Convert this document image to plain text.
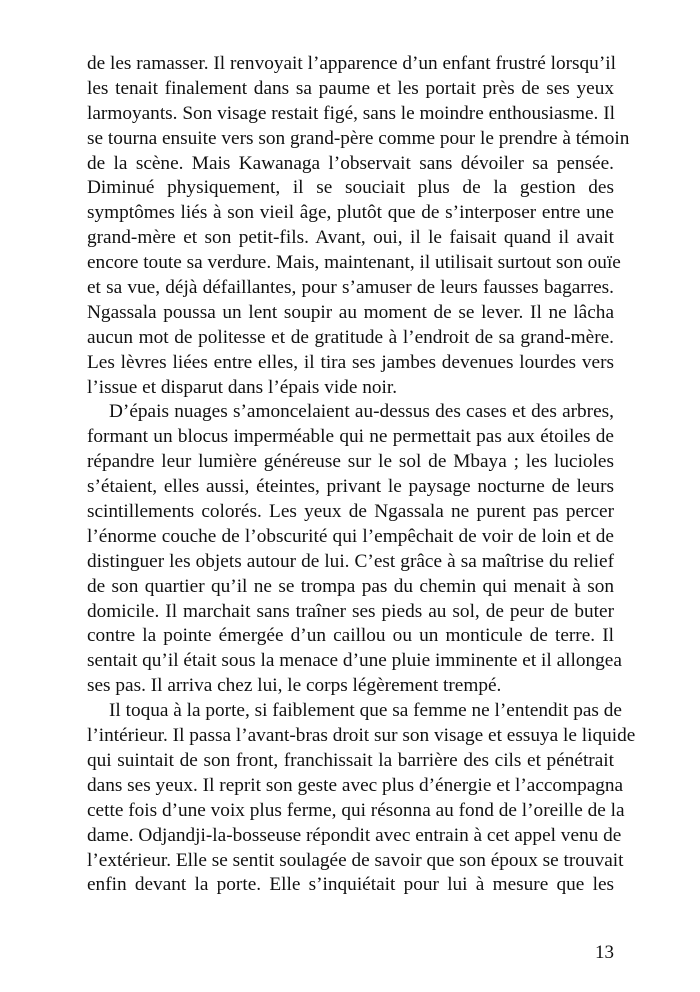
de les ramasser. Il renvoyait l’apparence d’un enfant frustré lorsqu’il
les tenait finalement dans sa paume et les portait près de ses yeux
larmoyants. Son visage restait figé, sans le moindre enthousiasme. Il
se tourna ensuite vers son grand-père comme pour le prendre à témoin
de la scène. Mais Kawanaga l’observait sans dévoiler sa pensée.
Diminué physiquement, il se souciait plus de la gestion des
symptômes liés à son vieil âge, plutôt que de s’interposer entre une
grand-mère et son petit-fils. Avant, oui, il le faisait quand il avait
encore toute sa verdure. Mais, maintenant, il utilisait surtout son ouïe
et sa vue, déjà défaillantes, pour s’amuser de leurs fausses bagarres.
Ngassala poussa un lent soupir au moment de se lever. Il ne lâcha
aucun mot de politesse et de gratitude à l’endroit de sa grand-mère.
Les lèvres liées entre elles, il tira ses jambes devenues lourdes vers
l’issue et disparut dans l’épais vide noir.
D’épais nuages s’amoncelaient au-dessus des cases et des arbres,
formant un blocus imperméable qui ne permettait pas aux étoiles de
répandre leur lumière généreuse sur le sol de Mbaya ; les lucioles
s’étaient, elles aussi, éteintes, privant le paysage nocturne de leurs
scintillements colorés. Les yeux de Ngassala ne purent pas percer
l’énorme couche de l’obscurité qui l’empêchait de voir de loin et de
distinguer les objets autour de lui. C’est grâce à sa maîtrise du relief
de son quartier qu’il ne se trompa pas du chemin qui menait à son
domicile. Il marchait sans traîner ses pieds au sol, de peur de buter
contre la pointe émergée d’un caillou ou un monticule de terre. Il
sentait qu’il était sous la menace d’une pluie imminente et il allongea
ses pas. Il arriva chez lui, le corps légèrement trempé.
Il toqua à la porte, si faiblement que sa femme ne l’entendit pas de
l’intérieur. Il passa l’avant-bras droit sur son visage et essuya le liquide
qui suintait de son front, franchissait la barrière des cils et pénétrait
dans ses yeux. Il reprit son geste avec plus d’énergie et l’accompagna
cette fois d’une voix plus ferme, qui résonna au fond de l’oreille de la
dame. Odjandji-la-bosseuse répondit avec entrain à cet appel venu de
l’extérieur. Elle se sentit soulagée de savoir que son époux se trouvait
enfin devant la porte. Elle s’inquiétait pour lui à mesure que les
13
